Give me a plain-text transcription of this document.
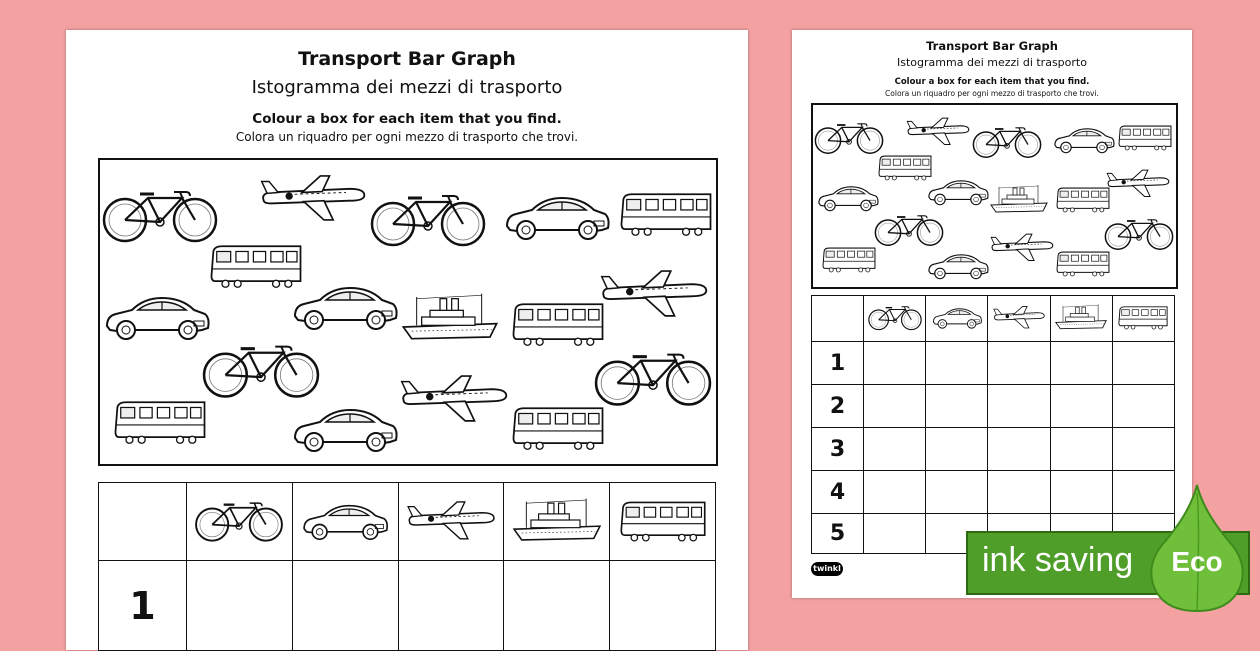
Transport Bar Graph
Istogramma dei mezzi di trasporto
Colour a box for each item that you find.
Colora un riquadro per ogni mezzo di trasporto che trovi.

1					
Transport Bar Graph
Istogramma dei mezzi di trasporto
Colour a box for each item that you find.
Colora un riquadro per ogni mezzo di trasporto che trovi.

1					
2					
3					
4					
5					
twinkl	ink saving Eco
